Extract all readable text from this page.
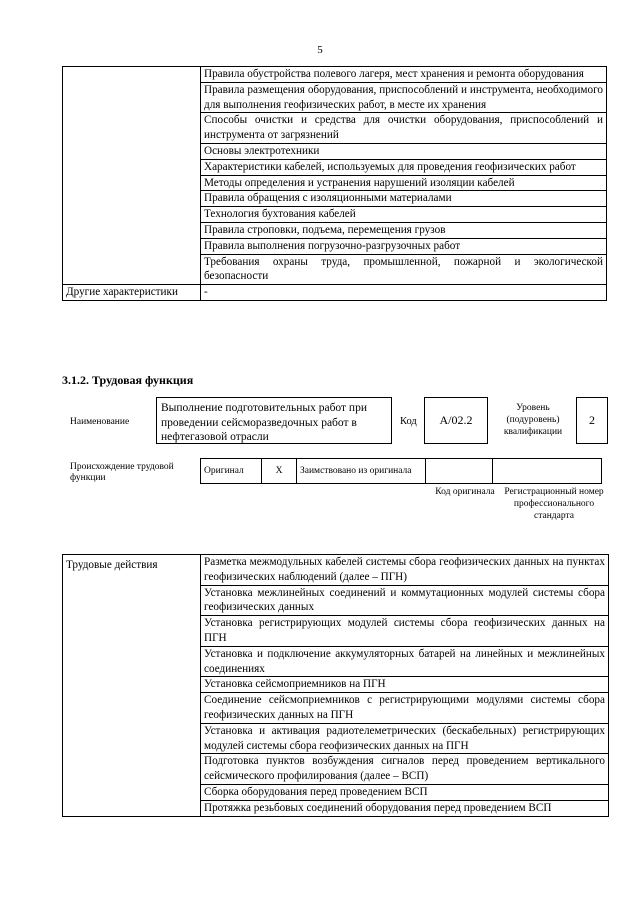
5
	Правила обустройства полевого лагеря, мест хранения и ремонта оборудования
	Правила размещения оборудования, приспособлений и инструмента, необходимого для выполнения геофизических работ, в месте их хранения
	Способы очистки и средства для очистки оборудования, приспособлений и инструмента от загрязнений
	Основы электротехники
	Характеристики кабелей, используемых для проведения геофизических работ
	Методы определения и устранения нарушений изоляции кабелей
	Правила обращения с изоляционными материалами
	Технология бухтования кабелей
	Правила строповки, подъема, перемещения грузов
	Правила выполнения погрузочно-разгрузочных работ
	Требования охраны труда, промышленной, пожарной и экологической безопасности
Другие характеристики	-
3.1.2. Трудовая функция
Наименование
Выполнение подготовительных работ при проведении сейсморазведочных работ в нефтегазовой отрасли
Код	А/02.2
Уровень (подуровень) квалификации
2
Происхождение трудовой функции
Оригинал	X	Заимствовано из оригинала		
Код оригинала	Регистрационный номер профессионального стандарта
Трудовые действия	Разметка межмодульных кабелей системы сбора геофизических данных на пунктах геофизических наблюдений (далее – ПГН)
Установка межлинейных соединений и коммутационных модулей системы сбора геофизических данных
Установка регистрирующих модулей системы сбора геофизических данных на ПГН
Установка и подключение аккумуляторных батарей на линейных и межлинейных соединениях
Установка сейсмоприемников на ПГН
Соединение сейсмоприемников с регистрирующими модулями системы сбора геофизических данных на ПГН
Установка и активация радиотелеметрических (бескабельных) регистрирующих модулей системы сбора геофизических данных на ПГН
Подготовка пунктов возбуждения сигналов перед проведением вертикального сейсмического профилирования (далее – ВСП)
Сборка оборудования перед проведением ВСП
Протяжка резьбовых соединений оборудования перед проведением ВСП
